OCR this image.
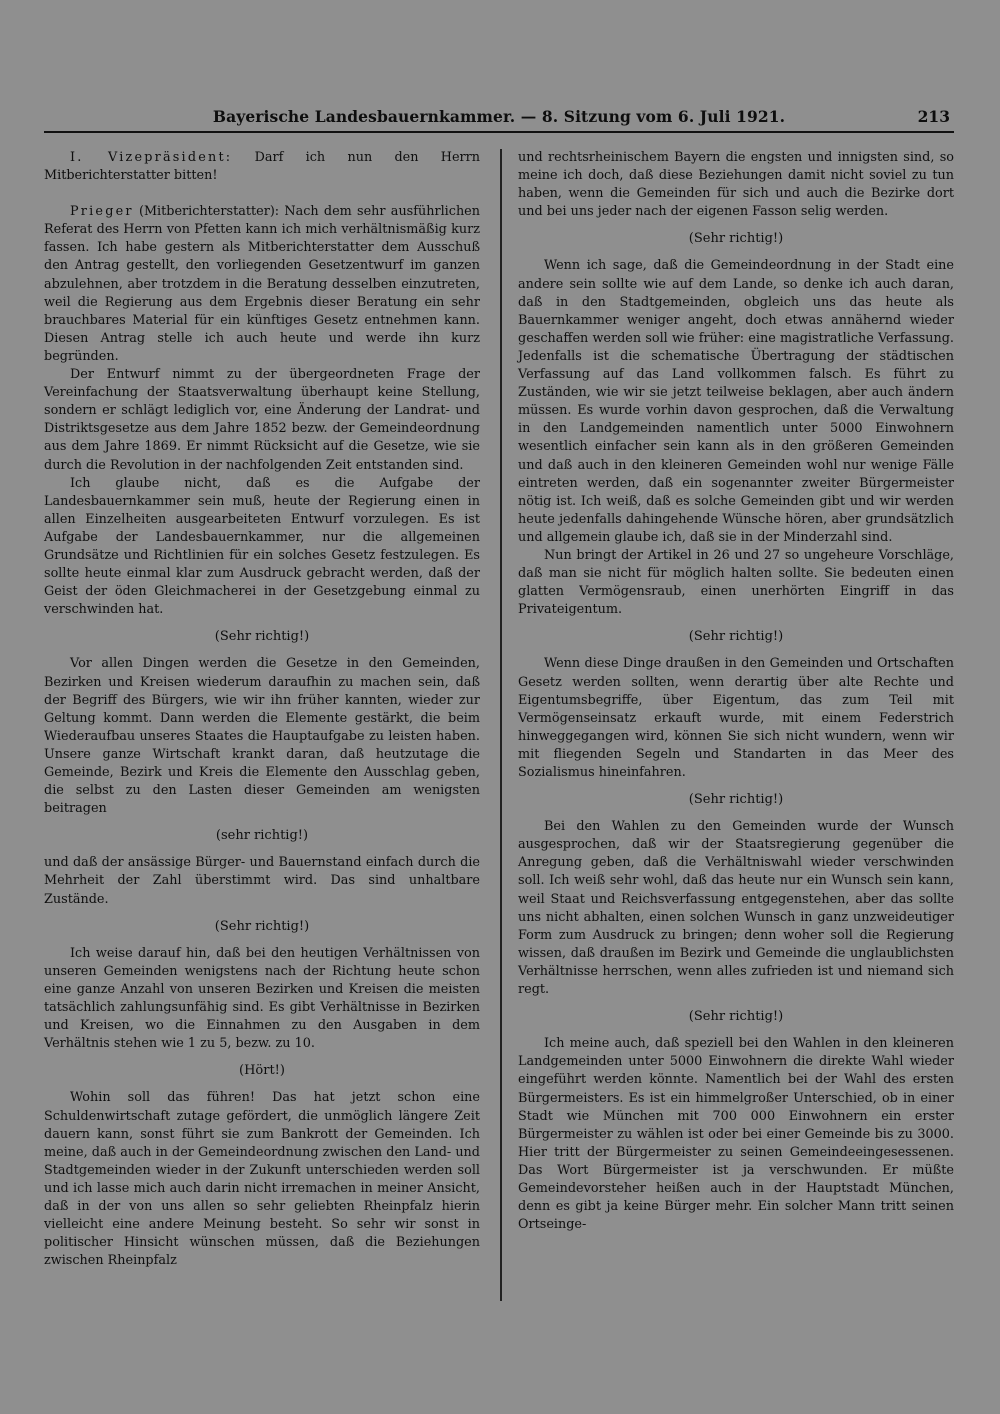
Bayerische Landesbauernkammer. — 8. Sitzung vom 6. Juli 1921.	213

I. Vizepräsident: Darf ich nun den Herrn Mitberichterstatter bitten!

Prieger (Mitberichterstatter): Nach dem sehr ausführlichen Referat des Herrn von Pfetten kann ich mich verhältnismäßig kurz fassen. Ich habe gestern als Mitberichterstatter dem Ausschuß den Antrag gestellt, den vorliegenden Gesetzentwurf im ganzen abzulehnen, aber trotzdem in die Beratung desselben einzutreten, weil die Regierung aus dem Ergebnis dieser Beratung ein sehr brauchbares Material für ein künftiges Gesetz entnehmen kann. Diesen Antrag stelle ich auch heute und werde ihn kurz begründen.

Der Entwurf nimmt zu der übergeordneten Frage der Vereinfachung der Staatsverwaltung überhaupt keine Stellung, sondern er schlägt lediglich vor, eine Änderung der Landrat- und Distriktsgesetze aus dem Jahre 1852 bezw. der Gemeindeordnung aus dem Jahre 1869. Er nimmt Rücksicht auf die Gesetze, wie sie durch die Revolution in der nachfolgenden Zeit entstanden sind.

Ich glaube nicht, daß es die Aufgabe der Landesbauernkammer sein muß, heute der Regierung einen in allen Einzelheiten ausgearbeiteten Entwurf vorzulegen. Es ist Aufgabe der Landesbauernkammer, nur die allgemeinen Grundsätze und Richtlinien für ein solches Gesetz festzulegen. Es sollte heute einmal klar zum Ausdruck gebracht werden, daß der Geist der öden Gleichmacherei in der Gesetzgebung einmal zu verschwinden hat.

(Sehr richtig!)

Vor allen Dingen werden die Gesetze in den Gemeinden, Bezirken und Kreisen wiederum daraufhin zu machen sein, daß der Begriff des Bürgers, wie wir ihn früher kannten, wieder zur Geltung kommt. Dann werden die Elemente gestärkt, die beim Wiederaufbau unseres Staates die Hauptaufgabe zu leisten haben. Unsere ganze Wirtschaft krankt daran, daß heutzutage die Gemeinde, Bezirk und Kreis die Elemente den Ausschlag geben, die selbst zu den Lasten dieser Gemeinden am wenigsten beitragen

(sehr richtig!)

und daß der ansässige Bürger- und Bauernstand einfach durch die Mehrheit der Zahl überstimmt wird. Das sind unhaltbare Zustände.

(Sehr richtig!)

Ich weise darauf hin, daß bei den heutigen Verhältnissen von unseren Gemeinden wenigstens nach der Richtung heute schon eine ganze Anzahl von unseren Bezirken und Kreisen die meisten tatsächlich zahlungsunfähig sind. Es gibt Verhältnisse in Bezirken und Kreisen, wo die Einnahmen zu den Ausgaben in dem Verhältnis stehen wie 1 zu 5, bezw. zu 10.

(Hört!)

Wohin soll das führen! Das hat jetzt schon eine Schuldenwirtschaft zutage gefördert, die unmöglich längere Zeit dauern kann, sonst führt sie zum Bankrott der Gemeinden. Ich meine, daß auch in der Gemeindeordnung zwischen den Land- und Stadtgemeinden wieder in der Zukunft unterschieden werden soll und ich lasse mich auch darin nicht irremachen in meiner Ansicht, daß in der von uns allen so sehr geliebten Rheinpfalz hierin vielleicht eine andere Meinung besteht. So sehr wir sonst in politischer Hinsicht wünschen müssen, daß die Beziehungen zwischen Rheinpfalz

und rechtsrheinischem Bayern die engsten und innigsten sind, so meine ich doch, daß diese Beziehungen damit nicht soviel zu tun haben, wenn die Gemeinden für sich und auch die Bezirke dort und bei uns jeder nach der eigenen Fasson selig werden.

(Sehr richtig!)

Wenn ich sage, daß die Gemeindeordnung in der Stadt eine andere sein sollte wie auf dem Lande, so denke ich auch daran, daß in den Stadtgemeinden, obgleich uns das heute als Bauernkammer weniger angeht, doch etwas annähernd wieder geschaffen werden soll wie früher: eine magistratliche Verfassung. Jedenfalls ist die schematische Übertragung der städtischen Verfassung auf das Land vollkommen falsch. Es führt zu Zuständen, wie wir sie jetzt teilweise beklagen, aber auch ändern müssen. Es wurde vorhin davon gesprochen, daß die Verwaltung in den Landgemeinden namentlich unter 5000 Einwohnern wesentlich einfacher sein kann als in den größeren Gemeinden und daß auch in den kleineren Gemeinden wohl nur wenige Fälle eintreten werden, daß ein sogenannter zweiter Bürgermeister nötig ist. Ich weiß, daß es solche Gemeinden gibt und wir werden heute jedenfalls dahingehende Wünsche hören, aber grundsätzlich und allgemein glaube ich, daß sie in der Minderzahl sind.

Nun bringt der Artikel in 26 und 27 so ungeheure Vorschläge, daß man sie nicht für möglich halten sollte. Sie bedeuten einen glatten Vermögensraub, einen unerhörten Eingriff in das Privateigentum.

(Sehr richtig!)

Wenn diese Dinge draußen in den Gemeinden und Ortschaften Gesetz werden sollten, wenn derartig über alte Rechte und Eigentumsbegriffe, über Eigentum, das zum Teil mit Vermögenseinsatz erkauft wurde, mit einem Federstrich hinweggegangen wird, können Sie sich nicht wundern, wenn wir mit fliegenden Segeln und Standarten in das Meer des Sozialismus hineinfahren.

(Sehr richtig!)

Bei den Wahlen zu den Gemeinden wurde der Wunsch ausgesprochen, daß wir der Staatsregierung gegenüber die Anregung geben, daß die Verhältniswahl wieder verschwinden soll. Ich weiß sehr wohl, daß das heute nur ein Wunsch sein kann, weil Staat und Reichsverfassung entgegenstehen, aber das sollte uns nicht abhalten, einen solchen Wunsch in ganz unzweideutiger Form zum Ausdruck zu bringen; denn woher soll die Regierung wissen, daß draußen im Bezirk und Gemeinde die unglaublichsten Verhältnisse herrschen, wenn alles zufrieden ist und niemand sich regt.

(Sehr richtig!)

Ich meine auch, daß speziell bei den Wahlen in den kleineren Landgemeinden unter 5000 Einwohnern die direkte Wahl wieder eingeführt werden könnte. Namentlich bei der Wahl des ersten Bürgermeisters. Es ist ein himmelgroßer Unterschied, ob in einer Stadt wie München mit 700 000 Einwohnern ein erster Bürgermeister zu wählen ist oder bei einer Gemeinde bis zu 3000. Hier tritt der Bürgermeister zu seinen Gemeindeeingesessenen. Das Wort Bürgermeister ist ja verschwunden. Er müßte Gemeindevorsteher heißen auch in der Hauptstadt München, denn es gibt ja keine Bürger mehr. Ein solcher Mann tritt seinen Ortseinge-
